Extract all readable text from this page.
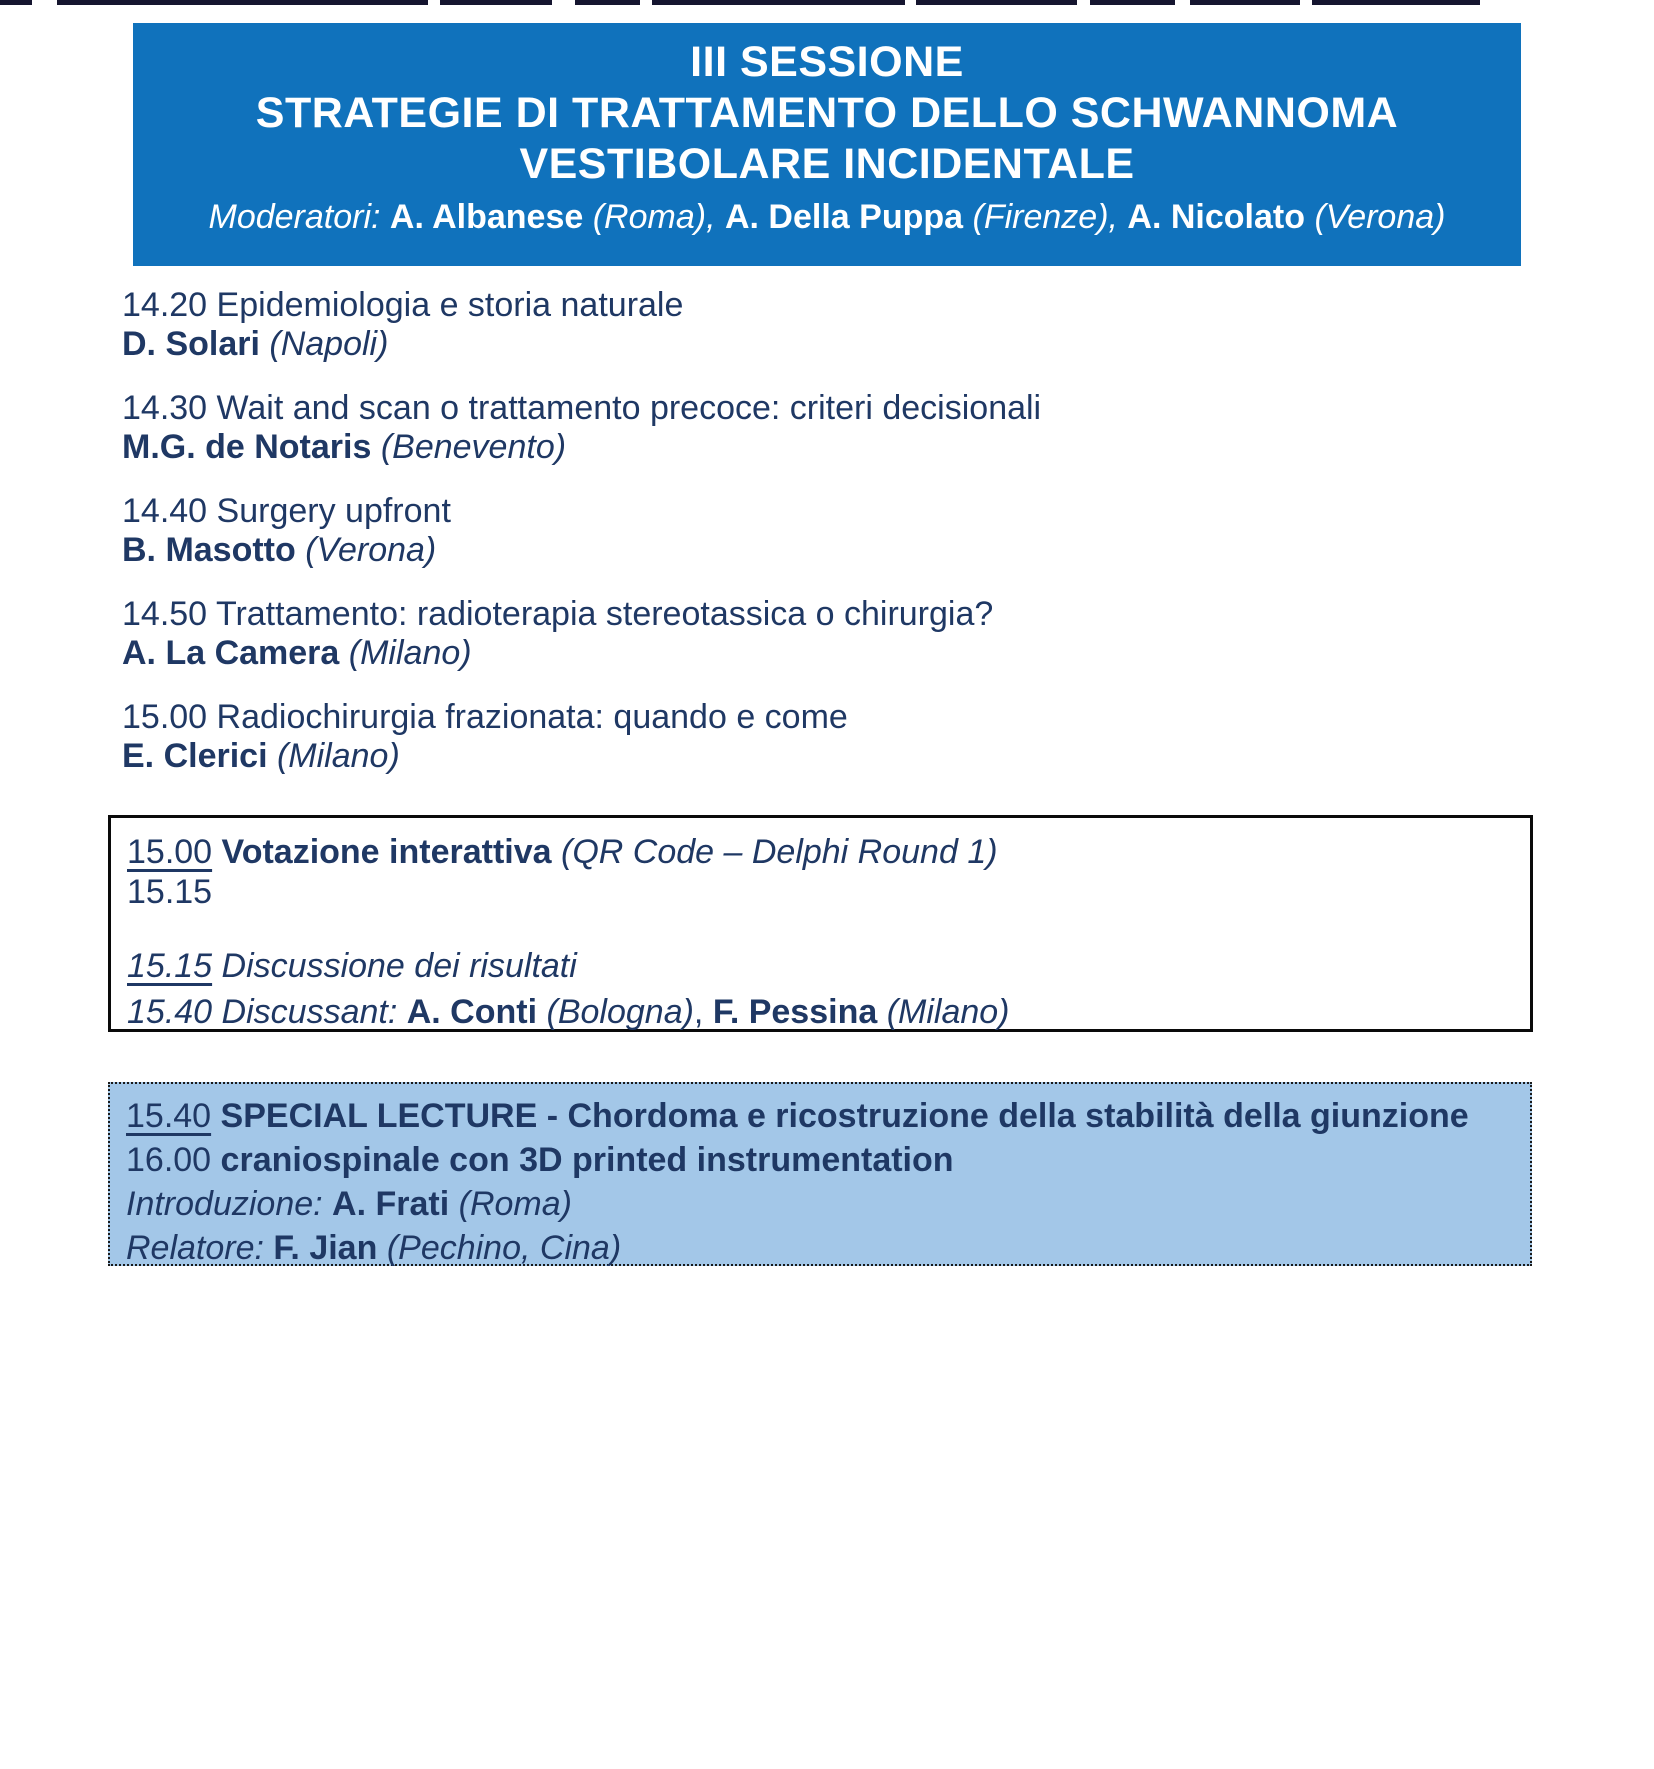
III SESSIONE
STRATEGIE DI TRATTAMENTO DELLO SCHWANNOMA
VESTIBOLARE INCIDENTALE
Moderatori: A. Albanese (Roma), A. Della Puppa (Firenze), A. Nicolato (Verona)
14.20 Epidemiologia e storia naturale
D. Solari (Napoli)
14.30 Wait and scan o trattamento precoce: criteri decisionali
M.G. de Notaris (Benevento)
14.40 Surgery upfront
B. Masotto (Verona)
14.50 Trattamento: radioterapia stereotassica o chirurgia?
A. La Camera (Milano)
15.00 Radiochirurgia frazionata: quando e come
E. Clerici (Milano)
15.00 Votazione interattiva (QR Code – Delphi Round 1)
15.15
15.15 Discussione dei risultati
15.40 Discussant: A. Conti (Bologna), F. Pessina (Milano)
15.40 SPECIAL LECTURE - Chordoma e ricostruzione della stabilità della giunzione
16.00 craniospinale con 3D printed instrumentation
Introduzione: A. Frati (Roma)
Relatore: F. Jian (Pechino, Cina)
